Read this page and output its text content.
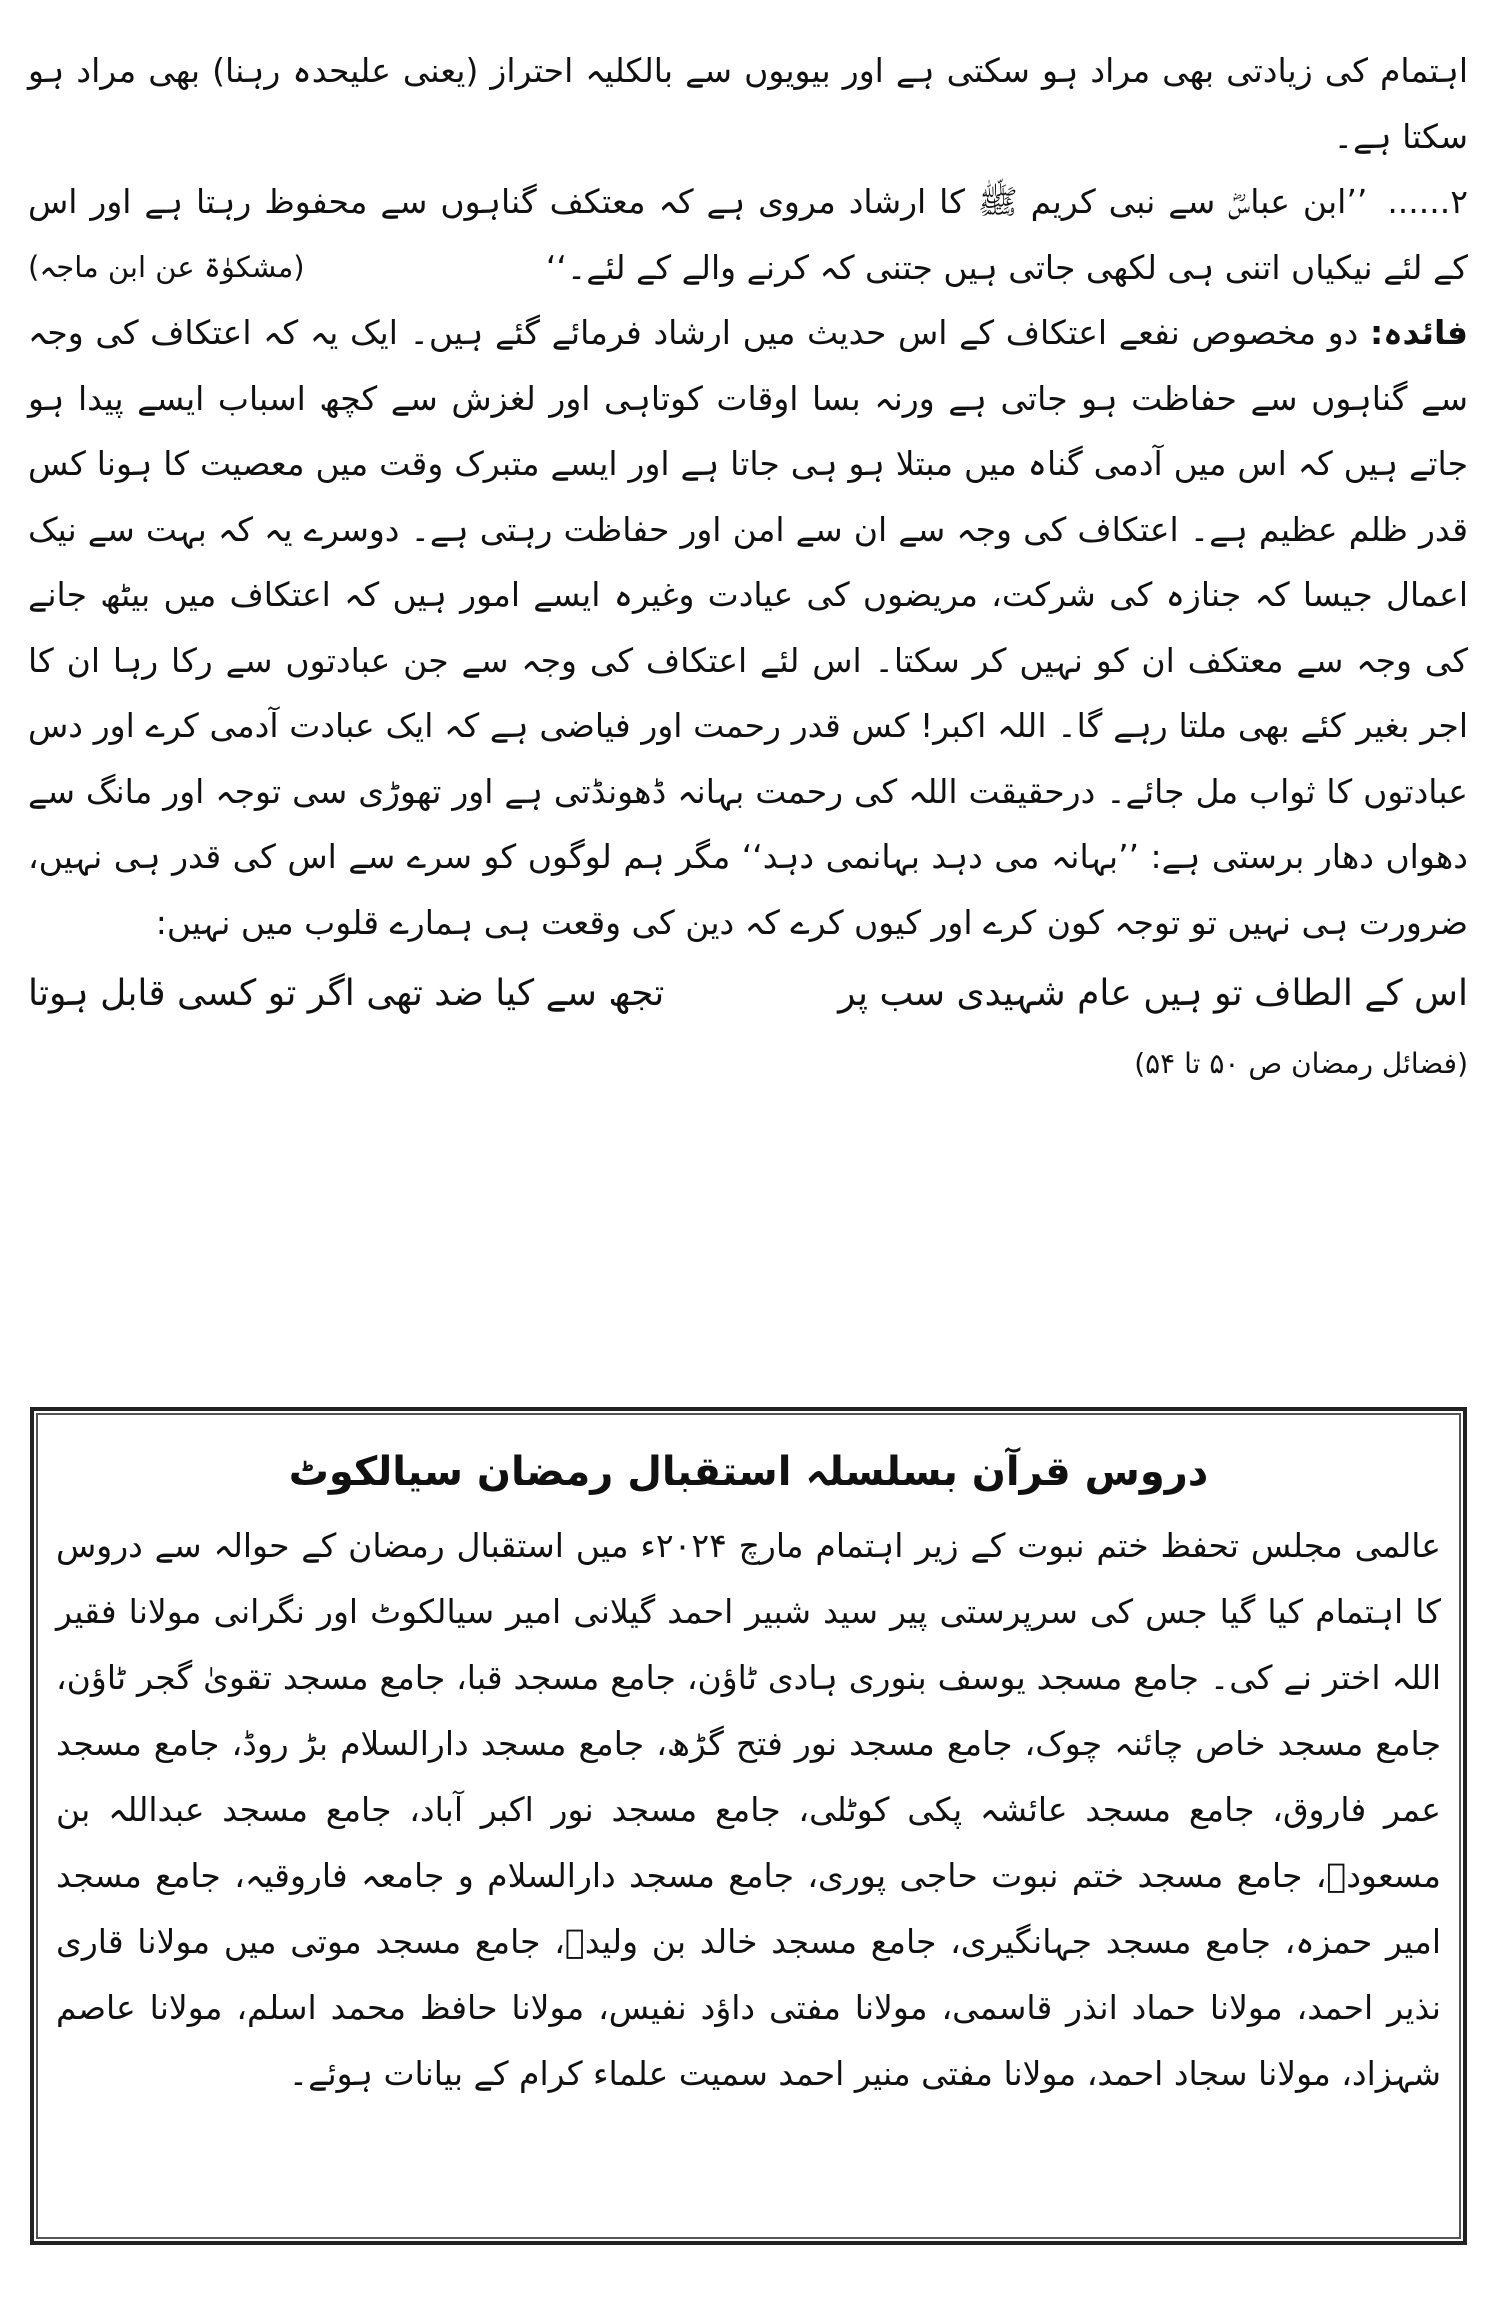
اہتمام کی زیادتی بھی مراد ہو سکتی ہے اور بیویوں سے بالکلیہ احتراز (یعنی علیحدہ رہنا) بھی مراد ہو سکتا ہے۔

۲......’’ابن عباسؓ سے نبی کریم ﷺ کا ارشاد مروی ہے کہ معتکف گناہوں سے محفوظ رہتا ہے اور اس کے لئے نیکیاں اتنی ہی لکھی جاتی ہیں جتنی کہ کرنے والے کے لئے۔‘‘
(مشکوٰۃ عن ابن ماجہ)

فائدہ: دو مخصوص نفعے اعتکاف کے اس حدیث میں ارشاد فرمائے گئے ہیں۔ ایک یہ کہ اعتکاف کی وجہ سے گناہوں سے حفاظت ہو جاتی ہے ورنہ بسا اوقات کوتاہی اور لغزش سے کچھ اسباب ایسے پیدا ہو جاتے ہیں کہ اس میں آدمی گناہ میں مبتلا ہو ہی جاتا ہے اور ایسے متبرک وقت میں معصیت کا ہونا کس قدر ظلم عظیم ہے۔ اعتکاف کی وجہ سے ان سے امن اور حفاظت رہتی ہے۔ دوسرے یہ کہ بہت سے نیک اعمال جیسا کہ جنازہ کی شرکت، مریضوں کی عیادت وغیرہ ایسے امور ہیں کہ اعتکاف میں بیٹھ جانے کی وجہ سے معتکف ان کو نہیں کر سکتا۔ اس لئے اعتکاف کی وجہ سے جن عبادتوں سے رکا رہا ان کا اجر بغیر کئے بھی ملتا رہے گا۔ اللہ اکبر! کس قدر رحمت اور فیاضی ہے کہ ایک عبادت آدمی کرے اور دس عبادتوں کا ثواب مل جائے۔ درحقیقت اللہ کی رحمت بہانہ ڈھونڈتی ہے اور تھوڑی سی توجہ اور مانگ سے دھواں دھار برستی ہے: ’’بہانہ می دہد بہانمی دہد‘‘ مگر ہم لوگوں کو سرے سے اس کی قدر ہی نہیں، ضرورت ہی نہیں تو توجہ کون کرے اور کیوں کرے کہ دین کی وقعت ہی ہمارے قلوب میں نہیں:

اس کے الطاف تو ہیں عام شہیدی سب پر
تجھ سے کیا ضد تھی اگر تو کسی قابل ہوتا
(فضائل رمضان ص ۵۰ تا ۵۴)
دروس قرآن بسلسلہ استقبال رمضان سیالکوٹ

عالمی مجلس تحفظ ختم نبوت کے زیر اہتمام مارچ ۲۰۲۴ء میں استقبال رمضان کے حوالہ سے دروس کا اہتمام کیا گیا جس کی سرپرستی پیر سید شبیر احمد گیلانی امیر سیالکوٹ اور نگرانی مولانا فقیر اللہ اختر نے کی۔ جامع مسجد یوسف بنوری ہادی ٹاؤن، جامع مسجد قبا، جامع مسجد تقویٰ گجر ٹاؤن، جامع مسجد خاص چائنہ چوک، جامع مسجد نور فتح گڑھ، جامع مسجد دارالسلام بڑ روڈ، جامع مسجد عمر فاروق، جامع مسجد عائشہ پکی کوٹلی، جامع مسجد نور اکبر آباد، جامع مسجد عبداللہ بن مسعودؓ، جامع مسجد ختم نبوت حاجی پوری، جامع مسجد دارالسلام و جامعہ فاروقیہ، جامع مسجد امیر حمزہ، جامع مسجد جہانگیری، جامع مسجد خالد بن ولیدؓ، جامع مسجد موتی میں مولانا قاری نذیر احمد، مولانا حماد انذر قاسمی، مولانا مفتی داؤد نفیس، مولانا حافظ محمد اسلم، مولانا عاصم شہزاد، مولانا سجاد احمد، مولانا مفتی منیر احمد سمیت علماء کرام کے بیانات ہوئے۔
